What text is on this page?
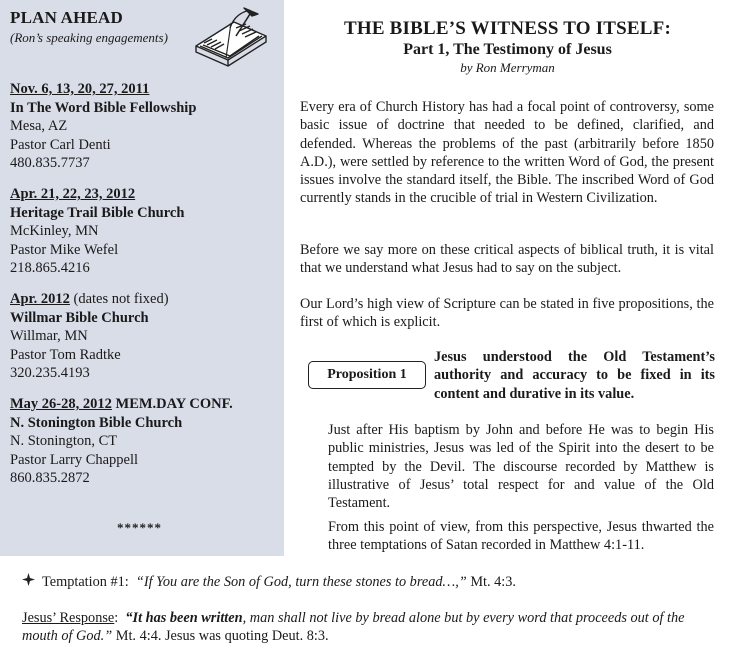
PLAN AHEAD
(Ron’s speaking engagements)
Nov. 6, 13, 20, 27, 2011
In The Word Bible Fellowship
Mesa, AZ
Pastor Carl Denti
480.835.7737
Apr. 21, 22, 23, 2012
Heritage Trail Bible Church
McKinley, MN
Pastor Mike Wefel
218.865.4216
Apr. 2012 (dates not fixed)
Willmar Bible Church
Willmar, MN
Pastor Tom Radtke
320.235.4193
May 26-28, 2012 MEM.DAY CONF.
N. Stonington Bible Church
N. Stonington, CT
Pastor Larry Chappell
860.835.2872
******
THE BIBLE’S WITNESS TO ITSELF:
Part 1, The Testimony of Jesus
by Ron Merryman

Every era of Church History has had a focal point of controversy, some basic issue of doctrine that needed to be defined, clarified, and defended. Whereas the problems of the past (arbitrarily before 1850 A.D.), were settled by reference to the written Word of God, the present issues involve the standard itself, the Bible. The inscribed Word of God currently stands in the crucible of trial in Western Civilization.

Before we say more on these critical aspects of biblical truth, it is vital that we understand what Jesus had to say on the subject.

Our Lord’s high view of Scripture can be stated in five propositions, the first of which is explicit.

Proposition 1
Jesus understood the Old Testament’s authority and accuracy to be fixed in its content and durative in its value.

Just after His baptism by John and before He was to begin His public ministries, Jesus was led of the Spirit into the desert to be tempted by the Devil. The discourse recorded by Matthew is illustrative of Jesus’ total respect for and value of the Old Testament.

From this point of view, from this perspective, Jesus thwarted the three temptations of Satan recorded in Matthew 4:1-11.

Temptation #1: “If You are the Son of God, turn these stones to bread…,” Mt. 4:3.
Jesus’ Response: “It has been written, man shall not live by bread alone but by every word that proceeds out of the mouth of God.” Mt. 4:4. Jesus was quoting Deut. 8:3.
